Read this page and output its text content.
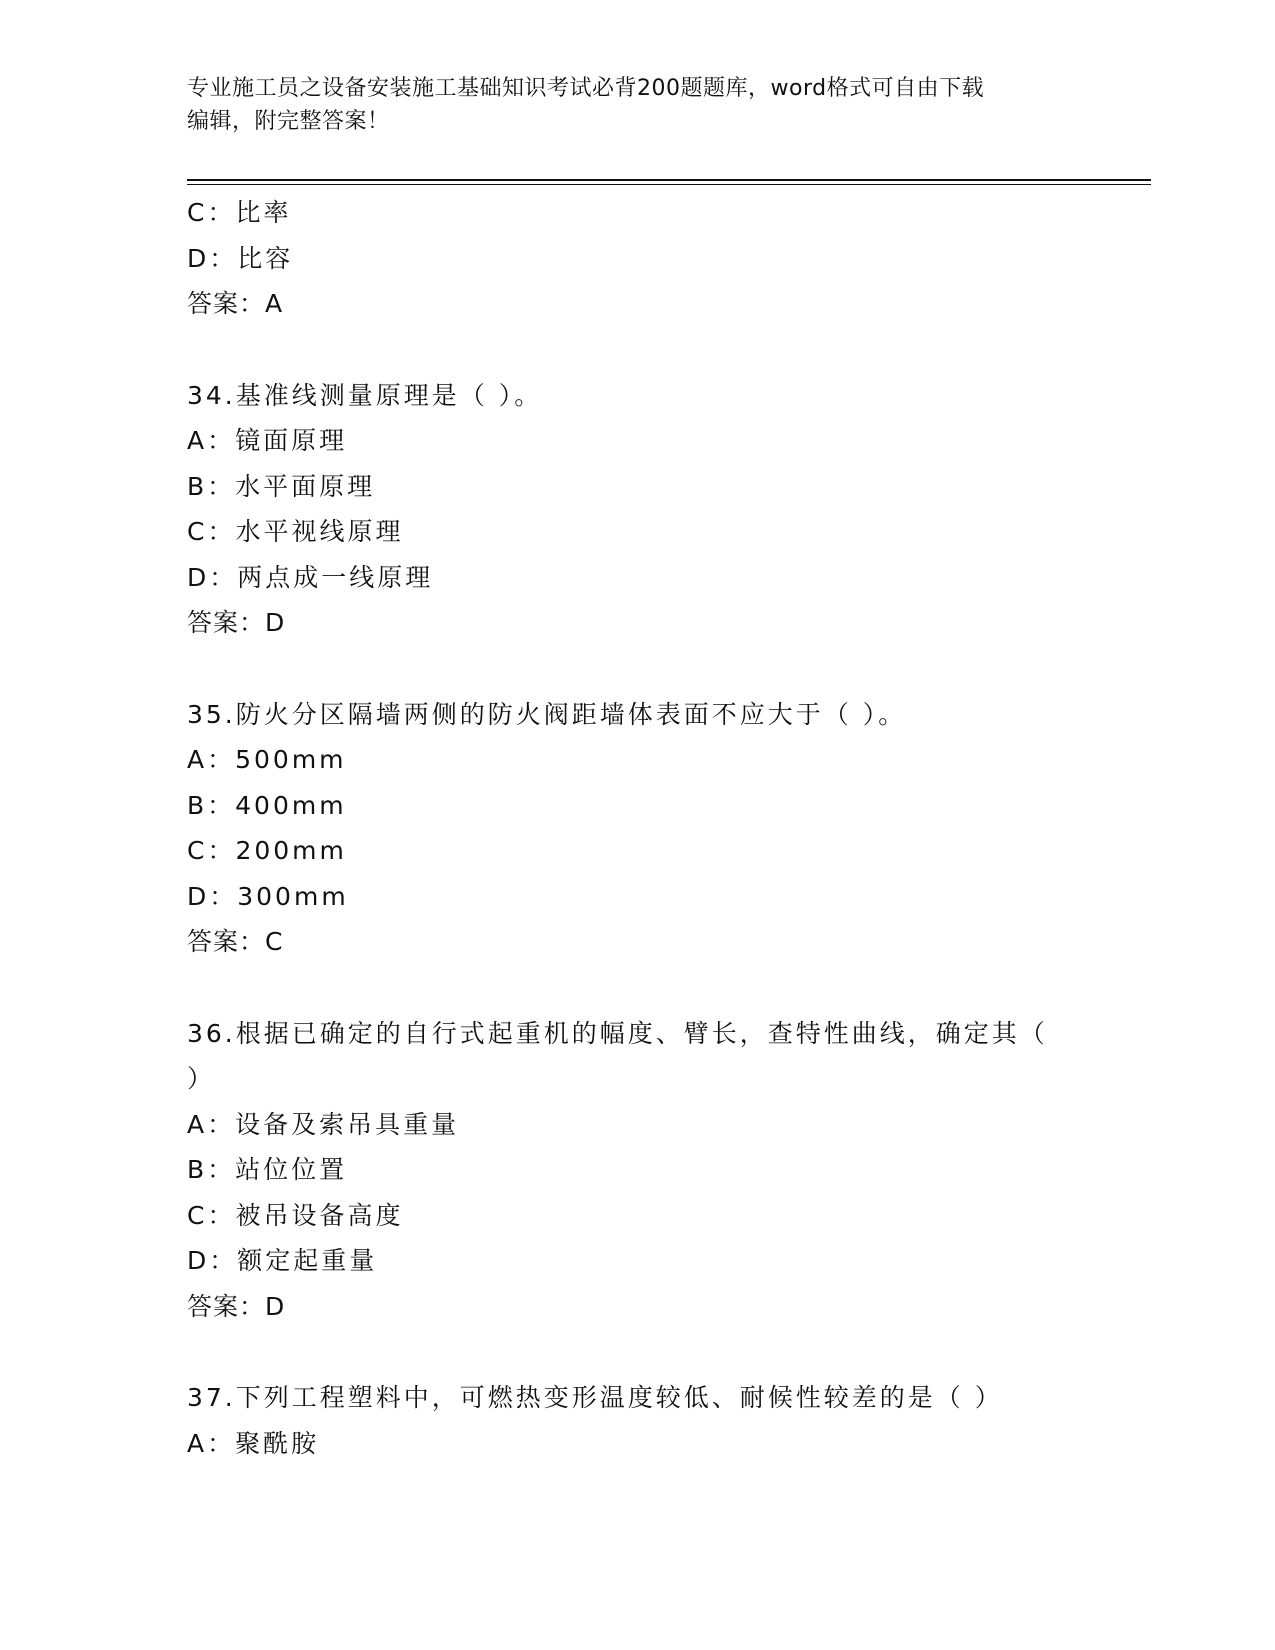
专业施工员之设备安装施工基础知识考试必背200题题库，word格式可自由下载
编辑，附完整答案！
C：比率
D：比容
答案：A
34.基准线测量原理是（ ）。
A：镜面原理
B：水平面原理
C：水平视线原理
D：两点成一线原理
答案：D
35.防火分区隔墙两侧的防火阀距墙体表面不应大于（ ）。
A：500mm
B：400mm
C：200mm
D：300mm
答案：C
36.根据已确定的自行式起重机的幅度、臂长，查特性曲线，确定其（
）
A：设备及索吊具重量
B：站位位置
C：被吊设备高度
D：额定起重量
答案：D
37.下列工程塑料中，可燃热变形温度较低、耐候性较差的是（ ）
A：聚酰胺
